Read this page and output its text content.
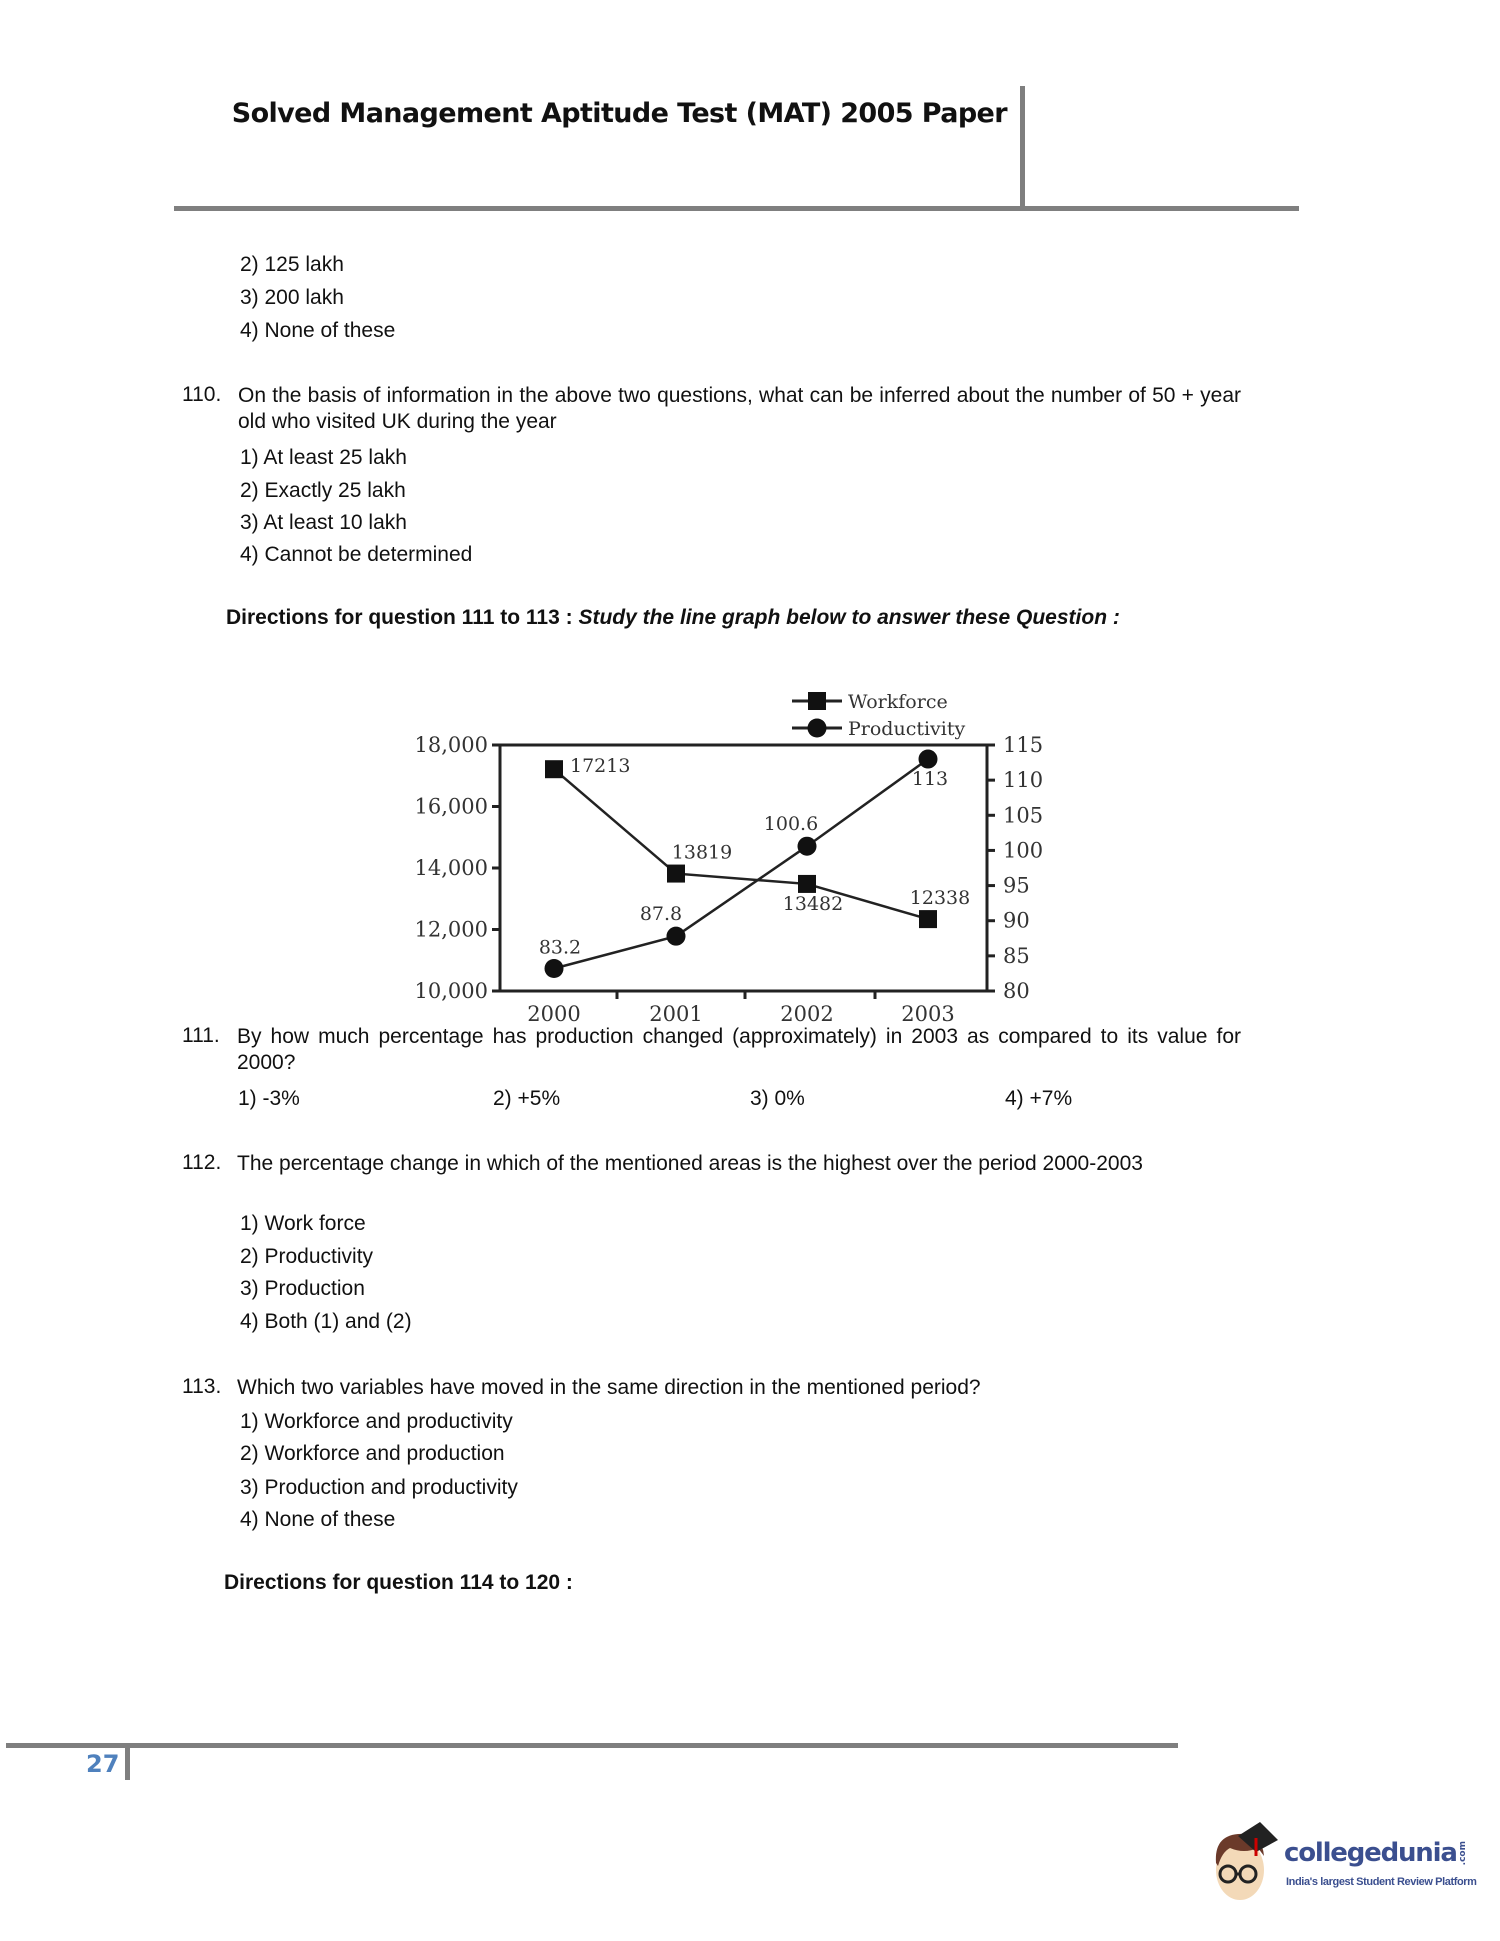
Solved Management Aptitude Test (MAT) 2005 Paper
2) 125 lakh
3) 200 lakh
4) None of these
110. On the basis of information in the above two questions, what can be inferred about the number of 50 + year old who visited UK during the year
1) At least 25 lakh
2) Exactly 25 lakh
3) At least 10 lakh
4) Cannot be determined
Directions for question 111 to 113 : Study the line graph below to answer these Question :
10,000
12,000
14,000
16,000
18,000
80
85
90
95
100
105
110
115
2000	2001	2002	2003
17213
13819
13482	12338
83.2
87.8
100.6
113
Workforce
Productivity
111. By how much percentage has production changed (approximately) in 2003 as compared to its value for 2000?
1) -3%	2) +5%	3) 0%	4) +7%
112. The percentage change in which of the mentioned areas is the highest over the period 2000-2003
1) Work force
2) Productivity
3) Production
4) Both (1) and (2)
113. Which two variables have moved in the same direction in the mentioned period?
1) Workforce and productivity
2) Workforce and production
3) Production and productivity
4) None of these
Directions for question 114 to 120 :
27
collegedunia .com
India's largest Student Review Platform
